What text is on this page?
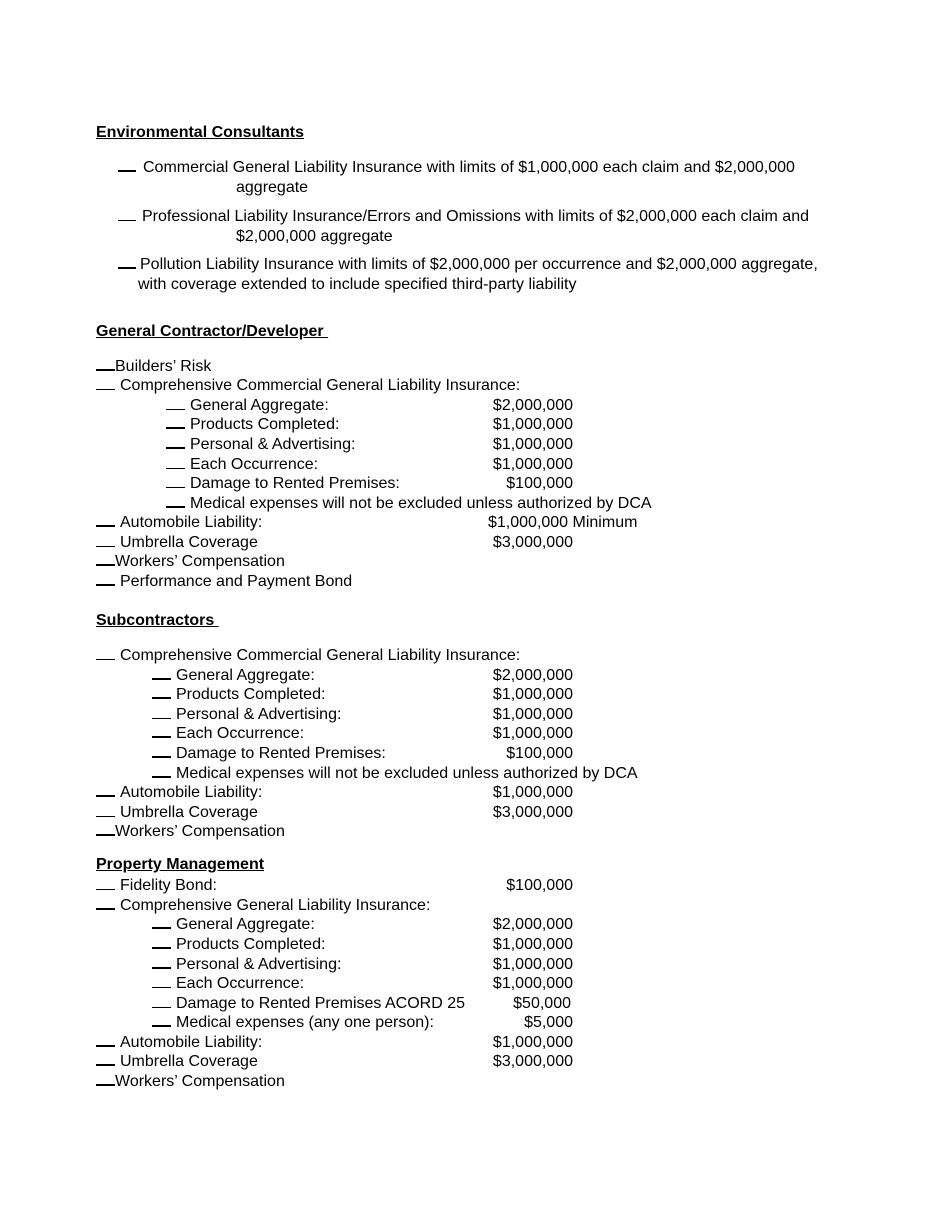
Environmental Consultants
Commercial General Liability Insurance with limits of $1,000,000 each claim and $2,000,000
aggregate
Professional Liability Insurance/Errors and Omissions with limits of $2,000,000 each claim and
$2,000,000 aggregate
Pollution Liability Insurance with limits of $2,000,000 per occurrence and $2,000,000 aggregate,
with coverage extended to include specified third-party liability
General Contractor/Developer
Builders’ Risk
Comprehensive Commercial General Liability Insurance:
General Aggregate:	$2,000,000
Products Completed:	$1,000,000
Personal & Advertising:	$1,000,000
Each Occurrence:	$1,000,000
Damage to Rented Premises:	$100,000
Medical expenses will not be excluded unless authorized by DCA
Automobile Liability:	$1,000,000 Minimum
Umbrella Coverage	$3,000,000
Workers’ Compensation
Performance and Payment Bond
Subcontractors
Comprehensive Commercial General Liability Insurance:
General Aggregate:	$2,000,000
Products Completed:	$1,000,000
Personal & Advertising:	$1,000,000
Each Occurrence:	$1,000,000
Damage to Rented Premises:	$100,000
Medical expenses will not be excluded unless authorized by DCA
Automobile Liability:	$1,000,000
Umbrella Coverage	$3,000,000
Workers’ Compensation
Property Management
Fidelity Bond:	$100,000
Comprehensive General Liability Insurance:
General Aggregate:	$2,000,000
Products Completed:	$1,000,000
Personal & Advertising:	$1,000,000
Each Occurrence:	$1,000,000
Damage to Rented Premises ACORD 25	$50,000
Medical expenses (any one person):	$5,000
Automobile Liability:	$1,000,000
Umbrella Coverage	$3,000,000
Workers’ Compensation
